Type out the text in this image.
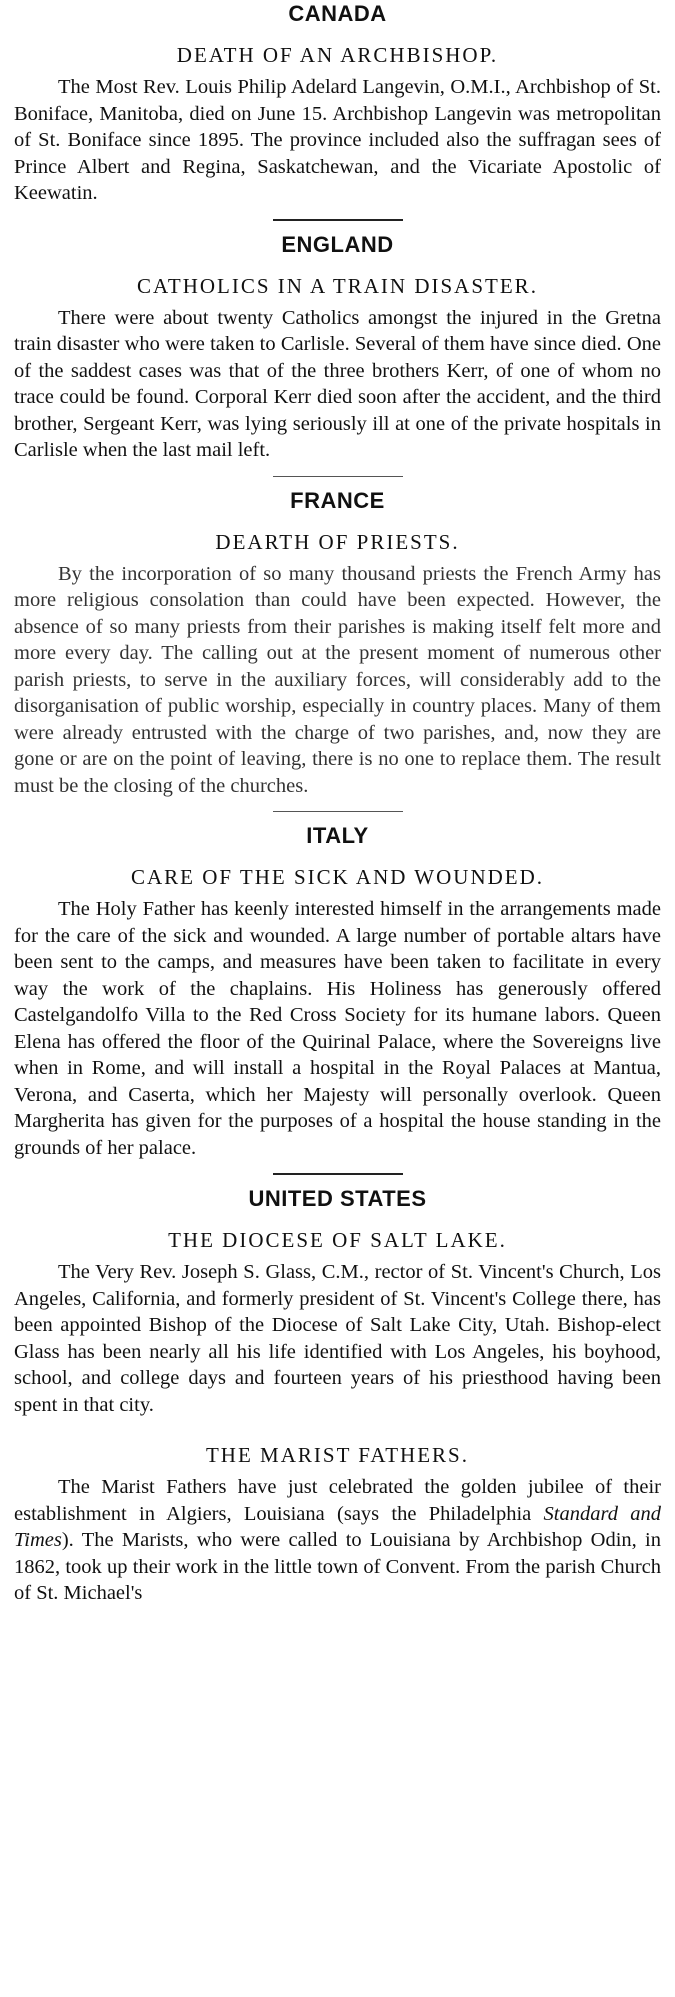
CANADA
DEATH OF AN ARCHBISHOP.

The Most Rev. Louis Philip Adelard Langevin, O.M.I., Archbishop of St. Boniface, Manitoba, died on June 15. Archbishop Langevin was metropolitan of St. Boniface since 1895. The province included also the suffragan sees of Prince Albert and Regina, Saskatchewan, and the Vicariate Apostolic of Keewatin.

ENGLAND
CATHOLICS IN A TRAIN DISASTER.

There were about twenty Catholics amongst the injured in the Gretna train disaster who were taken to Carlisle. Several of them have since died. One of the saddest cases was that of the three brothers Kerr, of one of whom no trace could be found. Corporal Kerr died soon after the accident, and the third brother, Sergeant Kerr, was lying seriously ill at one of the private hospitals in Carlisle when the last mail left.

FRANCE
DEARTH OF PRIESTS.

By the incorporation of so many thousand priests the French Army has more religious consolation than could have been expected. However, the absence of so many priests from their parishes is making itself felt more and more every day. The calling out at the present moment of numerous other parish priests, to serve in the auxiliary forces, will considerably add to the disorganisation of public worship, especially in country places. Many of them were already entrusted with the charge of two parishes, and, now they are gone or are on the point of leaving, there is no one to replace them. The result must be the closing of the churches.

ITALY
CARE OF THE SICK AND WOUNDED.

The Holy Father has keenly interested himself in the arrangements made for the care of the sick and wounded. A large number of portable altars have been sent to the camps, and measures have been taken to facilitate in every way the work of the chaplains. His Holiness has generously offered Castelgandolfo Villa to the Red Cross Society for its humane labors. Queen Elena has offered the floor of the Quirinal Palace, where the Sovereigns live when in Rome, and will install a hospital in the Royal Palaces at Mantua, Verona, and Caserta, which her Majesty will personally overlook. Queen Margherita has given for the purposes of a hospital the house standing in the grounds of her palace.

UNITED STATES
THE DIOCESE OF SALT LAKE.

The Very Rev. Joseph S. Glass, C.M., rector of St. Vincent's Church, Los Angeles, California, and formerly president of St. Vincent's College there, has been appointed Bishop of the Diocese of Salt Lake City, Utah. Bishop-elect Glass has been nearly all his life identified with Los Angeles, his boyhood, school, and college days and fourteen years of his priesthood having been spent in that city.

THE MARIST FATHERS.

The Marist Fathers have just celebrated the golden jubilee of their establishment in Algiers, Louisiana (says the Philadelphia Standard and Times). The Marists, who were called to Louisiana by Archbishop Odin, in 1862, took up their work in the little town of Convent. From the parish Church of St. Michael's
